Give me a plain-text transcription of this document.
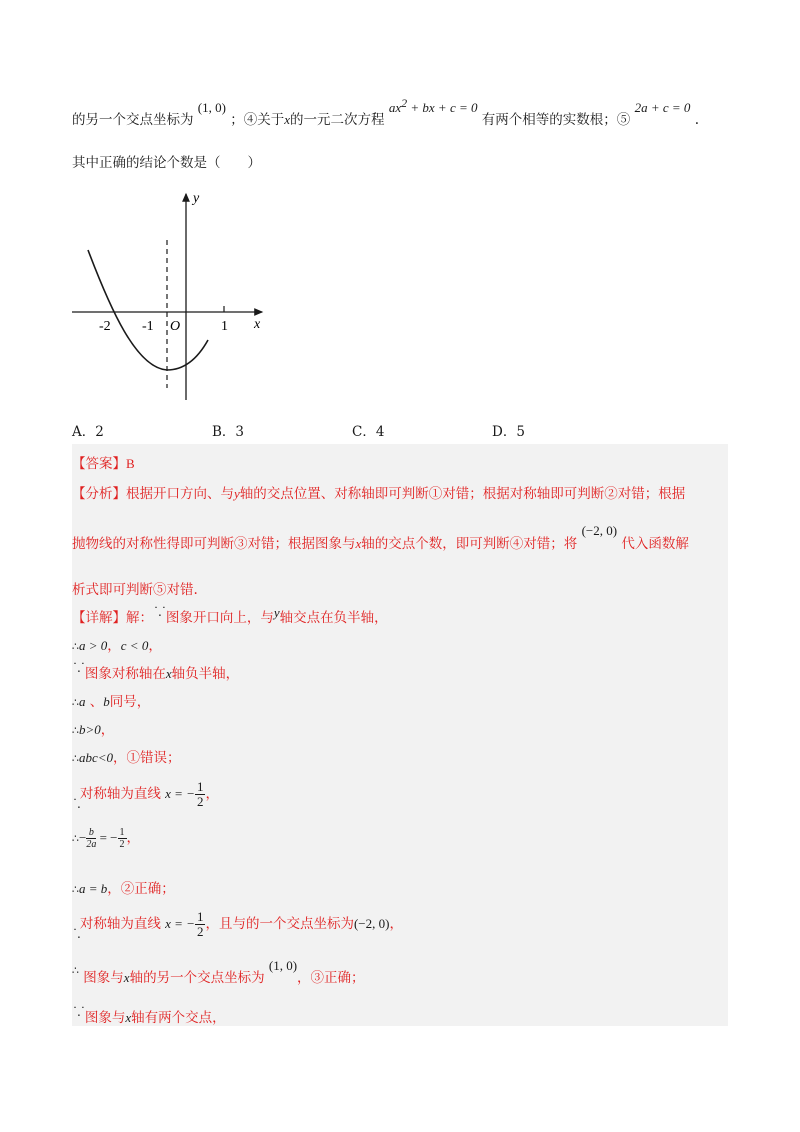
的另一个交点坐标为 (1, 0) ；④关于x的一元二次方程 ax2 + bx + c = 0 有两个相等的实数根；⑤ 2a + c = 0 .
其中正确的结论个数是（　　）
y
x
O
-2 -1	1
A．2	B．3	C．4	D．5
【答案】B
【分析】根据开口方向、与y轴的交点位置、对称轴即可判断①对错；根据对称轴即可判断②对错；根据
抛物线的对称性得即可判断③对错；根据图象与x轴的交点个数，即可判断④对错；将 (−2, 0) 代入函数解
析式即可判断⑤对错.
【详解】解：˙.˙图象开口向上，与y轴交点在负半轴，
∴a > 0，c < 0，
˙.˙图象对称轴在x轴负半轴，
∴a 、b同号，
∴b>0，
∴abc<0，①错误；
˙.对称轴为直线 x = − $\frac{1}{2}$ ，
∴− $\frac{b}{2a}$ = − $\frac{1}{2}$ ，
∴a = b，②正确；
˙.对称轴为直线 x = − $\frac{1}{2}$ ，且与的一个交点坐标为(−2, 0)，
∴ 图象与x轴的另一个交点坐标为 (1, 0)，③正确；
˙.˙图象与x轴有两个交点，
